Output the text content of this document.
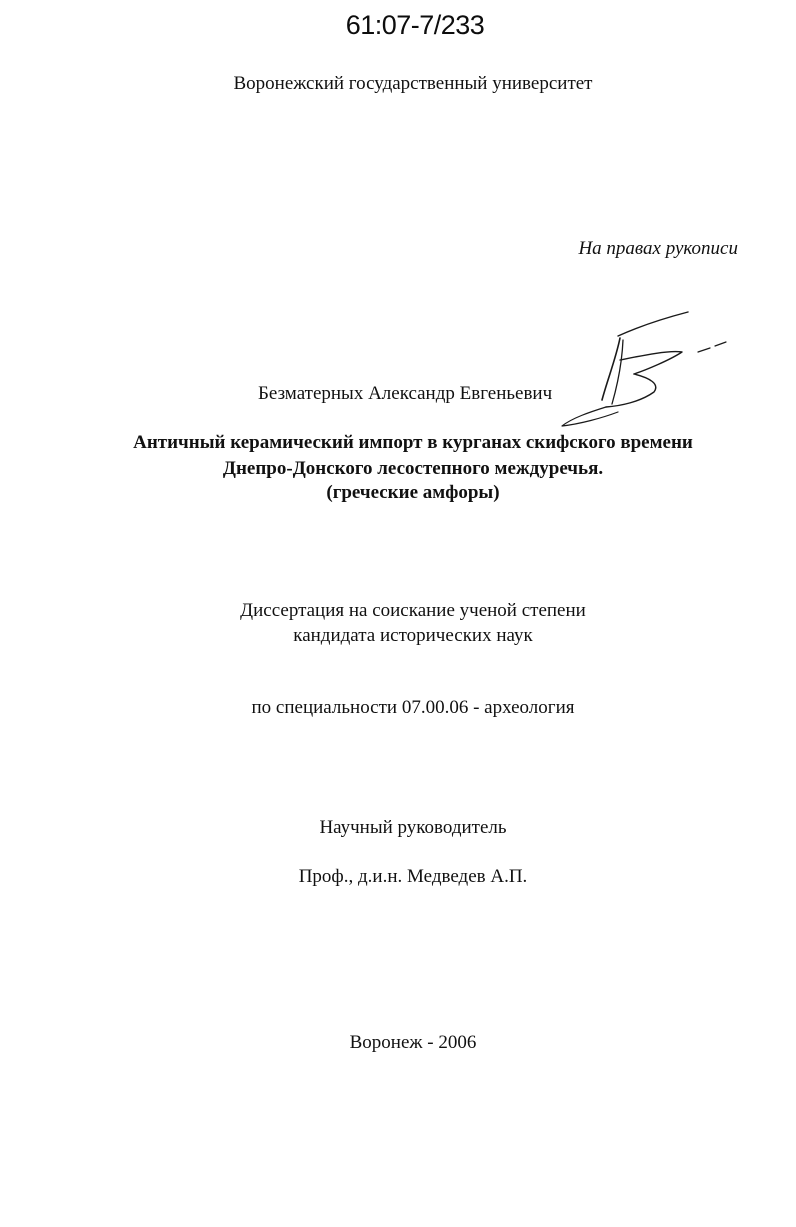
61:07-7/233
Воронежский государственный университет
На правах рукописи
Безматерных Александр Евгеньевич
Античный керамический импорт в курганах скифского времени
Днепро-Донского лесостепного междуречья.
(греческие амфоры)
Диссертация на соискание ученой степени
кандидата исторических наук
по специальности 07.00.06 - археология
Научный руководитель
Проф., д.и.н. Медведев А.П.
Воронеж - 2006
